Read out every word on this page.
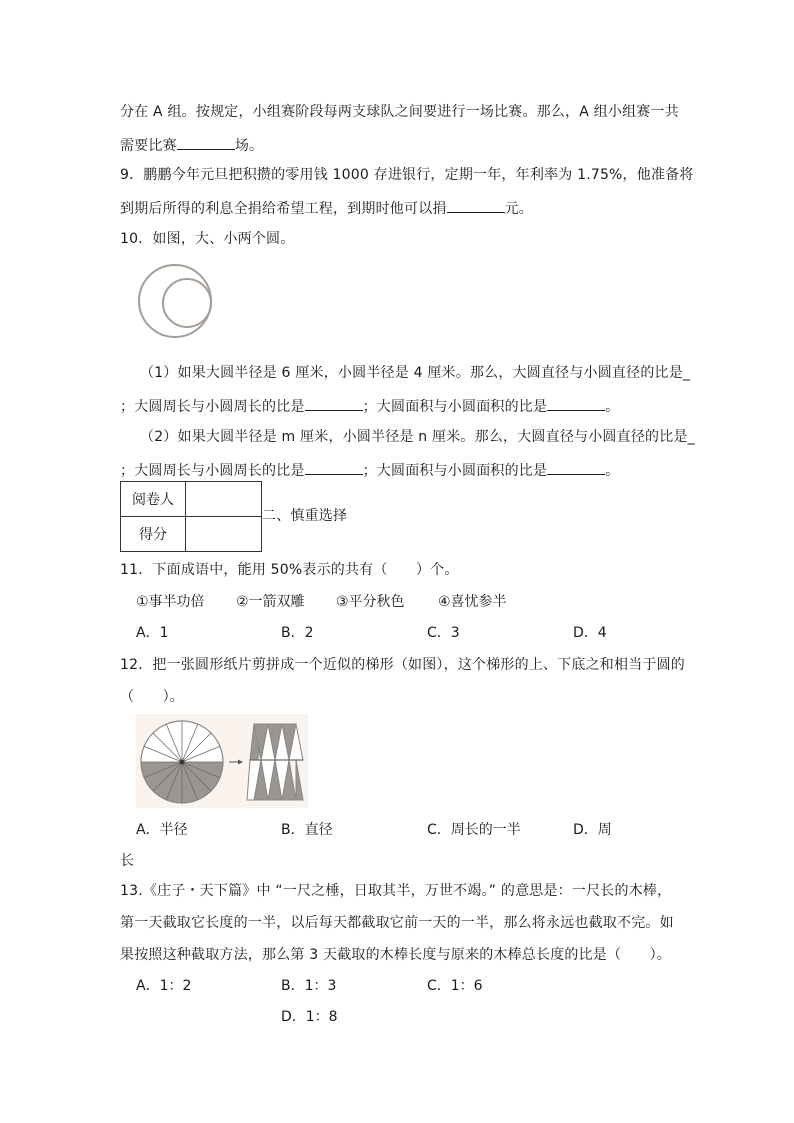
分在 A 组。按规定，小组赛阶段每两支球队之间要进行一场比赛。那么，A 组小组赛一共
需要比赛	场。
9．鹏鹏今年元旦把积攒的零用钱 1000 存进银行，定期一年，年利率为 1.75%，他准备将
到期后所得的利息全捐给希望工程，到期时他可以捐	元。
10．如图，大、小两个圆。
（1）如果大圆半径是 6 厘米，小圆半径是 4 厘米。那么，大圆直径与小圆直径的比是_
；大圆周长与小圆周长的比是	；大圆面积与小圆面积的比是	。
（2）如果大圆半径是 m 厘米，小圆半径是 n 厘米。那么，大圆直径与小圆直径的比是_
；大圆周长与小圆周长的比是	；大圆面积与小圆面积的比是	。
阅卷人	
得分	
二、慎重选择
11．下面成语中，能用 50%表示的共有（　　）个。
①事半功倍 ②一箭双雕 ③平分秋色 ④喜忧参半
A．1	B．2	C．3	D．4
12．把一张圆形纸片剪拼成一个近似的梯形（如图），这个梯形的上、下底之和相当于圆的
（　　）。
A．半径	B．直径	C．周长的一半	D．周
长
13.《庄子・天下篇》中 “一尺之棰，日取其半，万世不竭。” 的意思是：一尺长的木棒，
第一天截取它长度的一半，以后每天都截取它前一天的一半，那么将永远也截取不完。如
果按照这种截取方法，那么第 3 天截取的木棒长度与原来的木棒总长度的比是（　　）。
A．1：2	B．1：3	C．1：6
D．1：8
